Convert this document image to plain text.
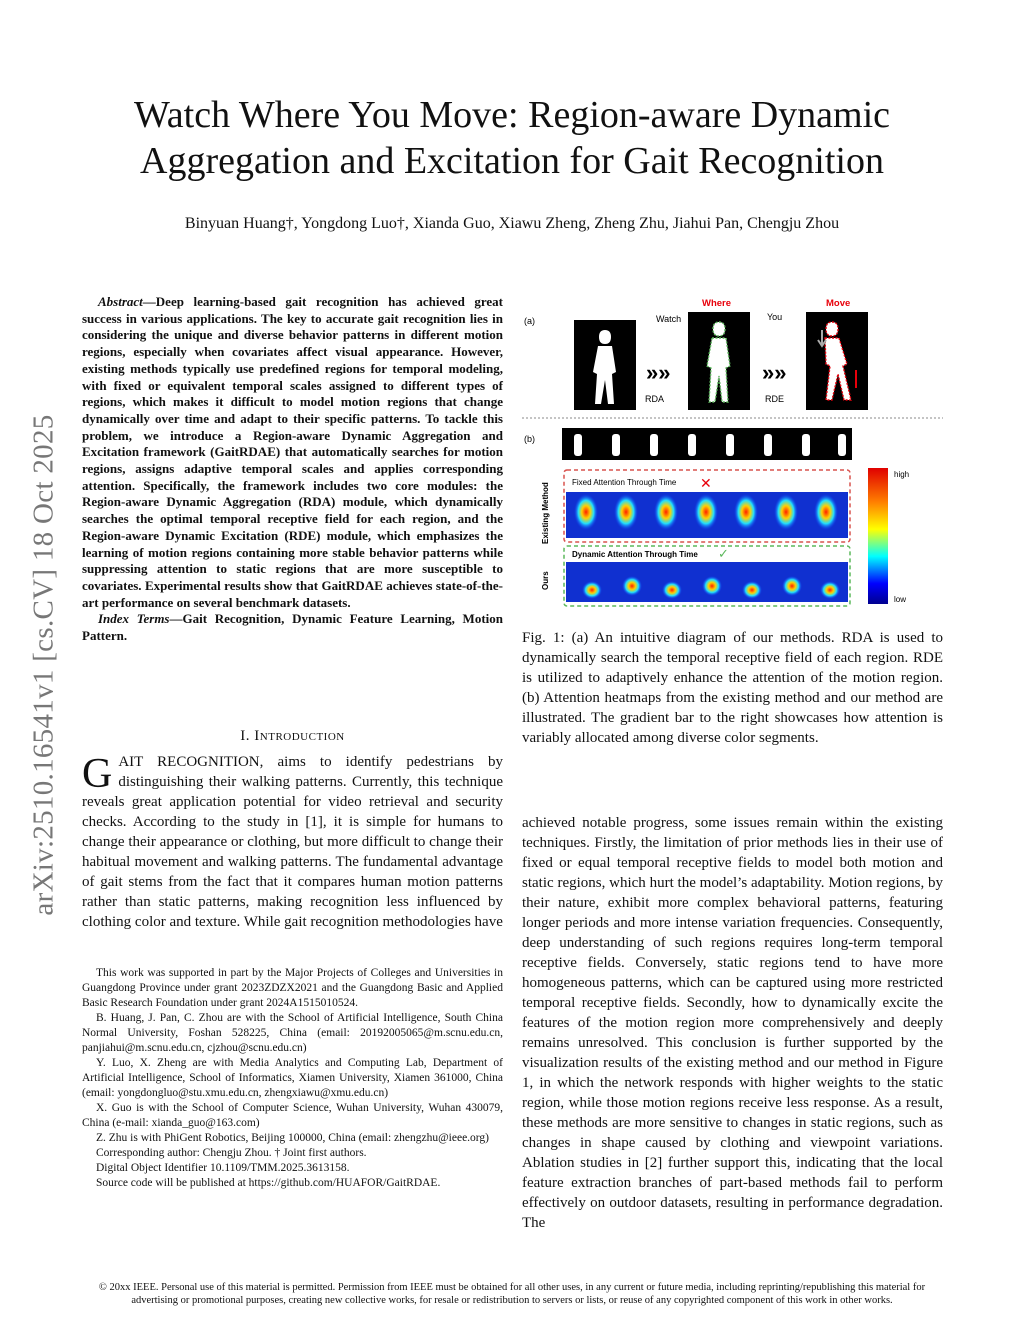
arXiv:2510.16541v1 [cs.CV] 18 Oct 2025
Watch Where You Move: Region-aware Dynamic Aggregation and Excitation for Gait Recognition
Binyuan Huang†, Yongdong Luo†, Xianda Guo, Xiawu Zheng, Zheng Zhu, Jiahui Pan, Chengju Zhou
Abstract—Deep learning-based gait recognition has achieved great success in various applications. The key to accurate gait recognition lies in considering the unique and diverse behavior patterns in different motion regions, especially when covariates affect visual appearance. However, existing methods typically use predefined regions for temporal modeling, with fixed or equivalent temporal scales assigned to different types of regions, which makes it difficult to model motion regions that change dynamically over time and adapt to their specific patterns. To tackle this problem, we introduce a Region-aware Dynamic Aggregation and Excitation framework (GaitRDAE) that automatically searches for motion regions, assigns adaptive temporal scales and applies corresponding attention. Specifically, the framework includes two core modules: the Region-aware Dynamic Aggregation (RDA) module, which dynamically searches the optimal temporal receptive field for each region, and the Region-aware Dynamic Excitation (RDE) module, which emphasizes the learning of motion regions containing more stable behavior patterns while suppressing attention to static regions that are more susceptible to covariates. Experimental results show that GaitRDAE achieves state-of-the-art performance on several benchmark datasets.
Index Terms—Gait Recognition, Dynamic Feature Learning, Motion Pattern.
I. Introduction
GAIT RECOGNITION, aims to identify pedestrians by distinguishing their walking patterns. Currently, this technique reveals great application potential for video retrieval and security checks. According to the study in [1], it is simple for humans to change their appearance or clothing, but more difficult to change their habitual movement and walking patterns. The fundamental advantage of gait stems from the fact that it compares human motion patterns rather than static patterns, making recognition less influenced by clothing color and texture. While gait recognition methodologies have

This work was supported in part by the Major Projects of Colleges and Universities in Guangdong Province under grant 2023ZDZX2021 and the Guangdong Basic and Applied Basic Research Foundation under grant 2024A1515010524.

B. Huang, J. Pan, C. Zhou are with the School of Artificial Intelligence, South China Normal University, Foshan 528225, China (email: 20192005065@m.scnu.edu.cn, panjiahui@m.scnu.edu.cn, cjzhou@scnu.edu.cn)

Y. Luo, X. Zheng are with Media Analytics and Computing Lab, Department of Artificial Intelligence, School of Informatics, Xiamen University, Xiamen 361000, China (email: yongdongluo@stu.xmu.edu.cn, zhengxiawu@xmu.edu.cn)

X. Guo is with the School of Computer Science, Wuhan University, Wuhan 430079, China (e-mail: xianda_guo@163.com)

Z. Zhu is with PhiGent Robotics, Beijing 100000, China (email: zhengzhu@ieee.org)

Corresponding author: Chengju Zhou. † Joint first authors.

Digital Object Identifier 10.1109/TMM.2025.3613158.

Source code will be published at https://github.com/HUAFOR/GaitRDAE.

(a)	Watch
Where
You
Move
»»
RDA
»»
RDE
(b)
Existing Method	Fixed Attention Through Time ✕
Ours
Dynamic Attention Through Time ✓
high
low
Fig. 1: (a) An intuitive diagram of our methods. RDA is used to dynamically search the temporal receptive field of each region. RDE is utilized to adaptively enhance the attention of the motion region. (b) Attention heatmaps from the existing method and our method are illustrated. The gradient bar to the right showcases how attention is variably allocated among diverse color segments.
achieved notable progress, some issues remain within the existing techniques. Firstly, the limitation of prior methods lies in their use of fixed or equal temporal receptive fields to model both motion and static regions, which hurt the model’s adaptability. Motion regions, by their nature, exhibit more complex behavioral patterns, featuring longer periods and more intense variation frequencies. Consequently, deep understanding of such regions requires long-term temporal receptive fields. Conversely, static regions tend to have more homogeneous patterns, which can be captured using more restricted temporal receptive fields. Secondly, how to dynamically excite the features of the motion region more comprehensively and deeply remains unresolved. This conclusion is further supported by the visualization results of the existing method and our method in Figure 1, in which the network responds with higher weights to the static region, while those motion regions receive less response. As a result, these methods are more sensitive to changes in static regions, such as changes in shape caused by clothing and viewpoint variations. Ablation studies in [2] further support this, indicating that the local feature extraction branches of part-based methods fail to perform effectively on outdoor datasets, resulting in performance degradation. The
© 20xx IEEE. Personal use of this material is permitted. Permission from IEEE must be obtained for all other uses, in any current or future media, including reprinting/republishing this material for advertising or promotional purposes, creating new collective works, for resale or redistribution to servers or lists, or reuse of any copyrighted component of this work in other works.
